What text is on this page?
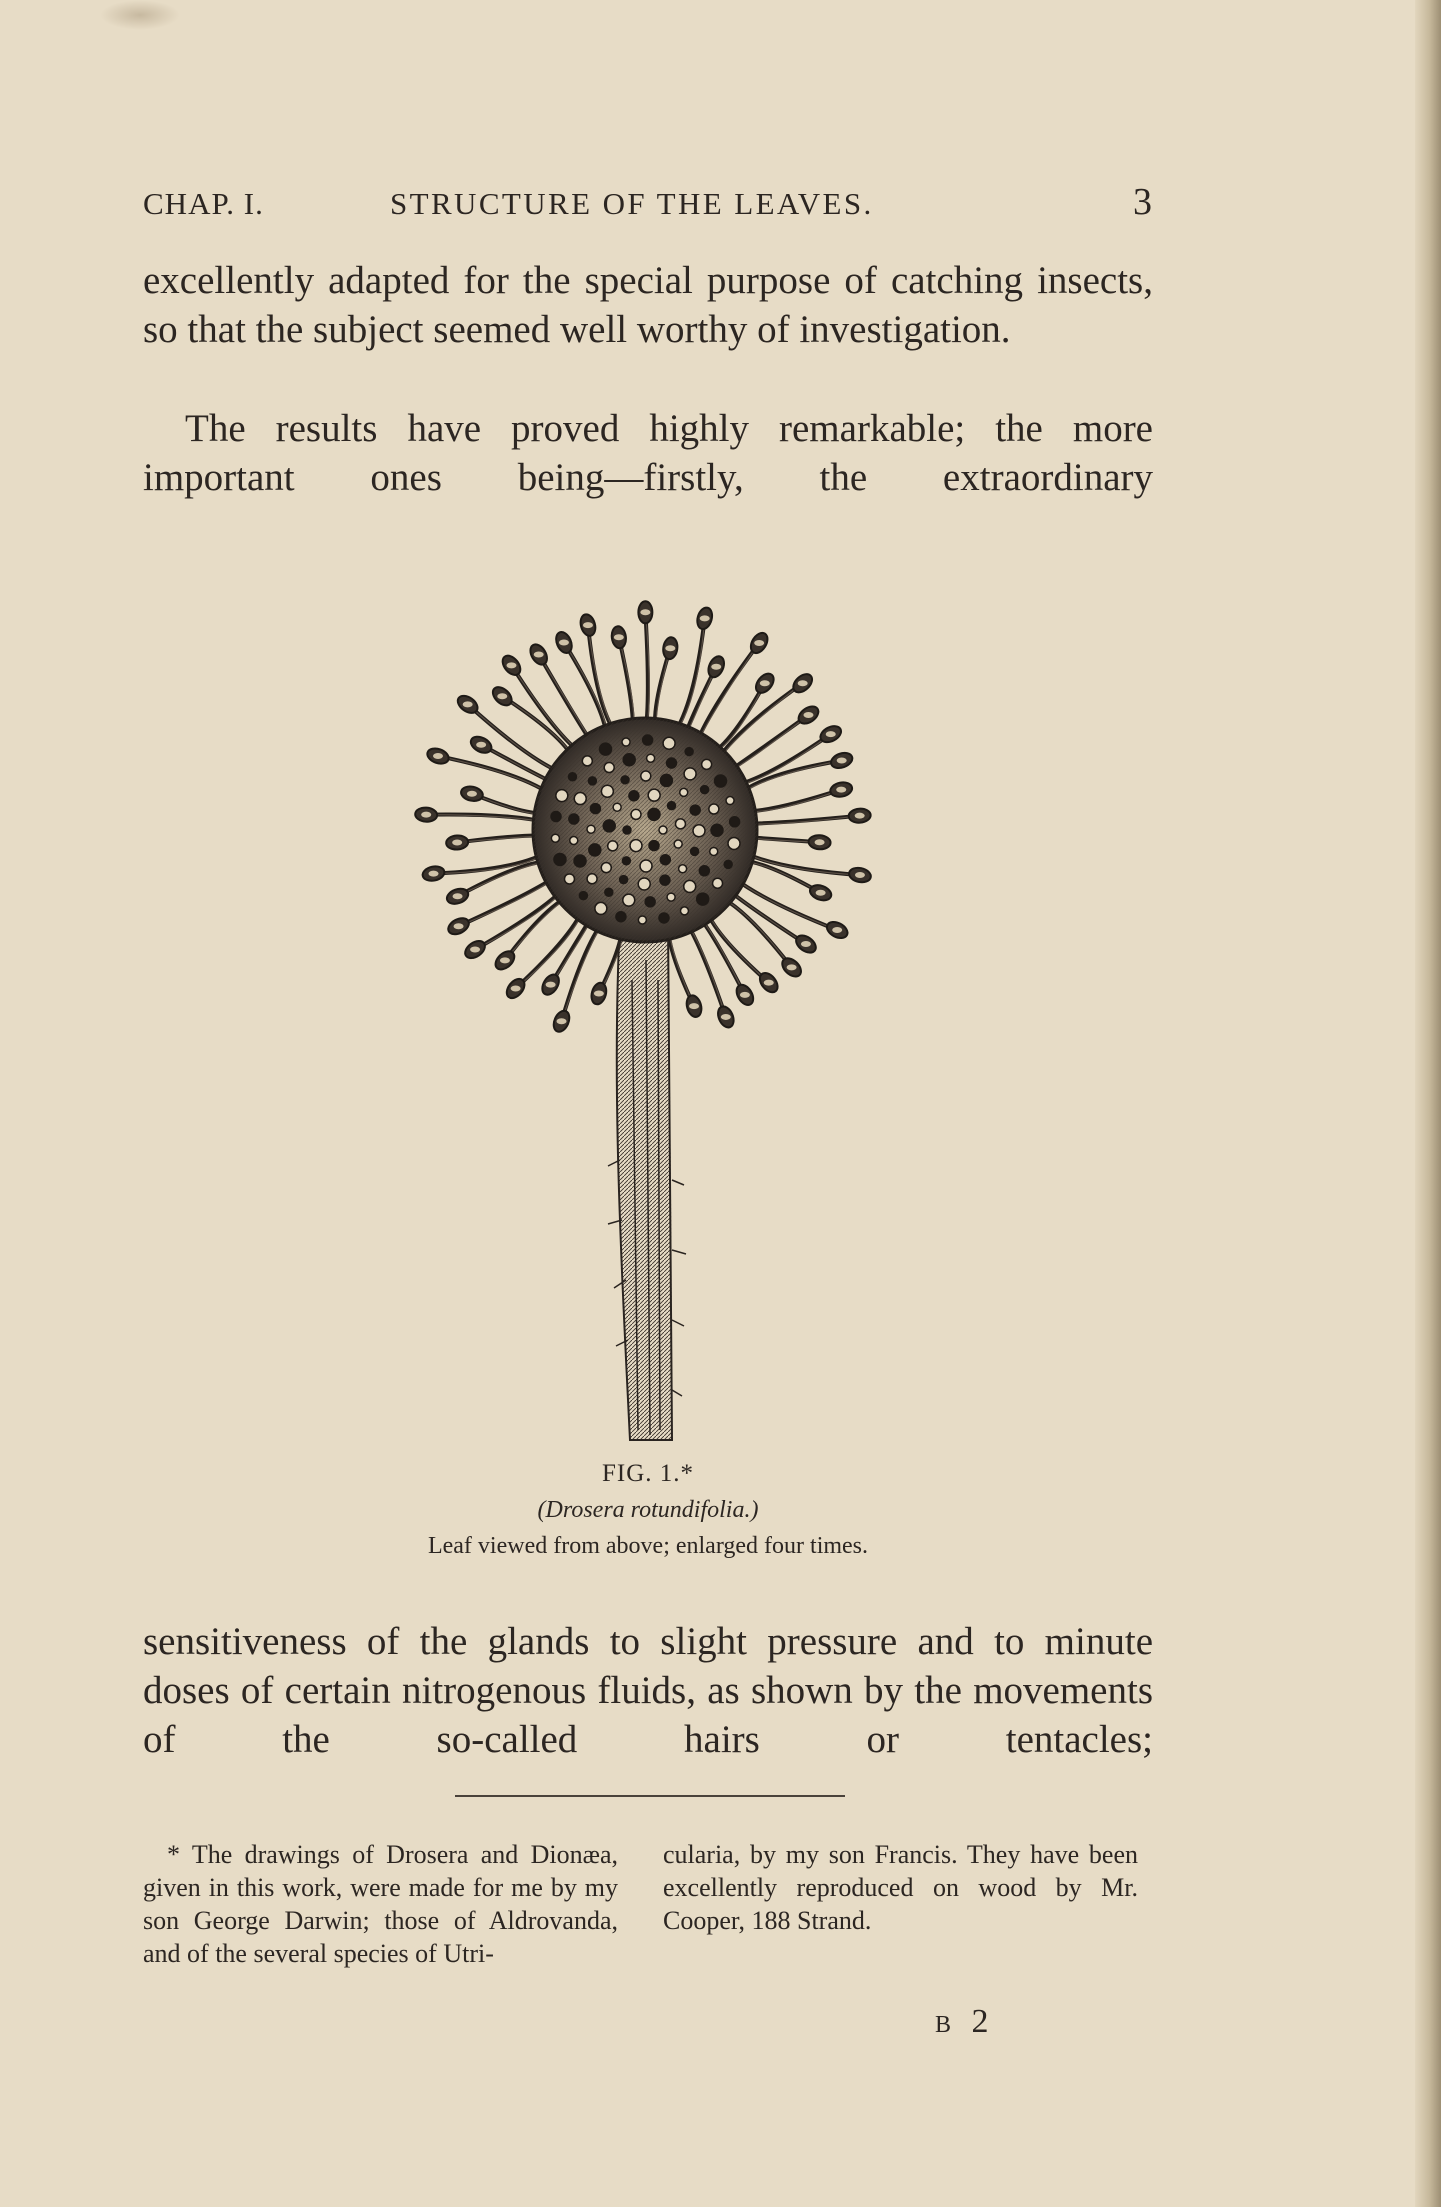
CHAP. I.	STRUCTURE OF THE LEAVES.	3

excellently adapted for the special purpose of catching insects, so that the subject seemed well worthy of investigation.

The results have proved highly remarkable; the more important ones being—firstly, the extraordinary

FIG. 1.*
(Drosera rotundifolia.)
Leaf viewed from above; enlarged four times.

sensitiveness of the glands to slight pressure and to minute doses of certain nitrogenous fluids, as shown by the movements of the so-called hairs or tentacles;

* The drawings of Drosera and Dionæa, given in this work, were made for me by my son George Darwin; those of Aldrovanda, and of the several species of Utri-

cularia, by my son Francis. They have been excellently reproduced on wood by Mr. Cooper, 188 Strand.

B 2
